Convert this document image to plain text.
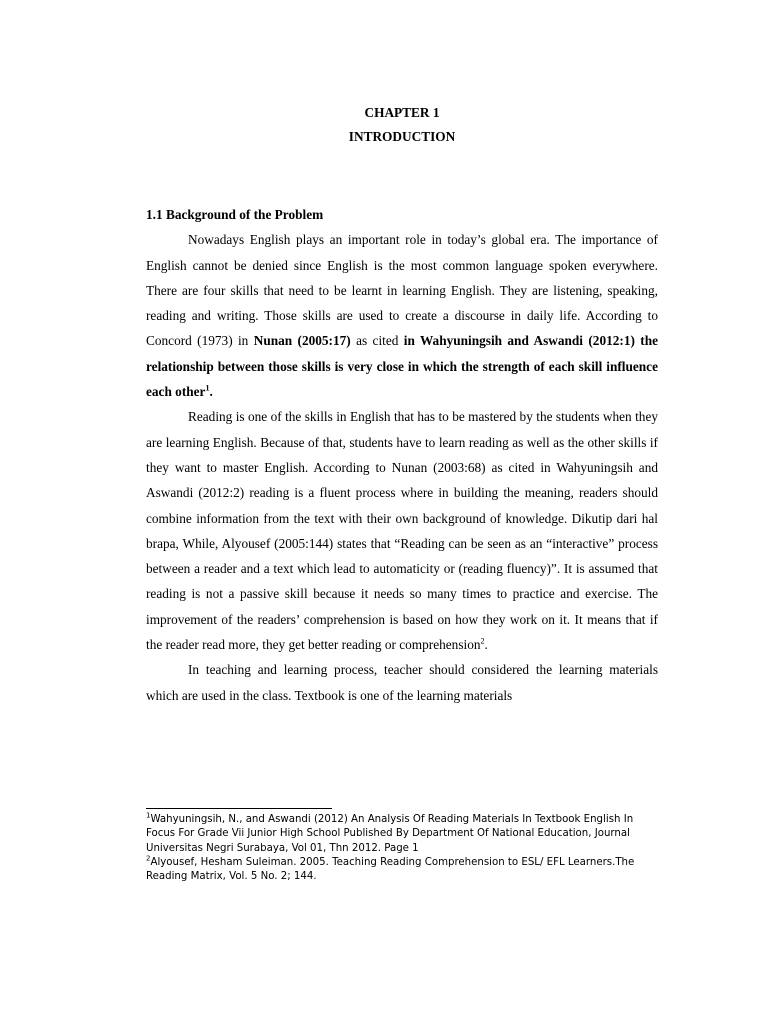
CHAPTER 1
INTRODUCTION

1.1 Background of the Problem

Nowadays English plays an important role in today’s global era. The importance of English cannot be denied since English is the most common language spoken everywhere. There are four skills that need to be learnt in learning English. They are listening, speaking, reading and writing. Those skills are used to create a discourse in daily life. According to Concord (1973) in Nunan (2005:17) as cited in Wahyuningsih and Aswandi (2012:1) the relationship between those skills is very close in which the strength of each skill influence each other$^1$.

Reading is one of the skills in English that has to be mastered by the students when they are learning English. Because of that, students have to learn reading as well as the other skills if they want to master English. According to Nunan (2003:68) as cited in Wahyuningsih and Aswandi (2012:2) reading is a fluent process where in building the meaning, readers should combine information from the text with their own background of knowledge. Dikutip dari hal brapa, While, Alyousef (2005:144) states that “Reading can be seen as an “interactive” process between a reader and a text which lead to automaticity or (reading fluency)”. It is assumed that reading is not a passive skill because it needs so many times to practice and exercise. The improvement of the readers’ comprehension is based on how they work on it. It means that if the reader read more, they get better reading or comprehension$^2$.

In teaching and learning process, teacher should considered the learning materials which are used in the class. Textbook is one of the learning materials

$^1$Wahyuningsih, N., and Aswandi (2012) An Analysis Of Reading Materials In Textbook English In Focus For Grade Vii Junior High School Published By Department Of National Education, Journal Universitas Negri Surabaya, Vol 01, Thn 2012. Page 1

$^2$Alyousef, Hesham Suleiman. 2005. Teaching Reading Comprehension to ESL/ EFL Learners.The Reading Matrix, Vol. 5 No. 2; 144.
